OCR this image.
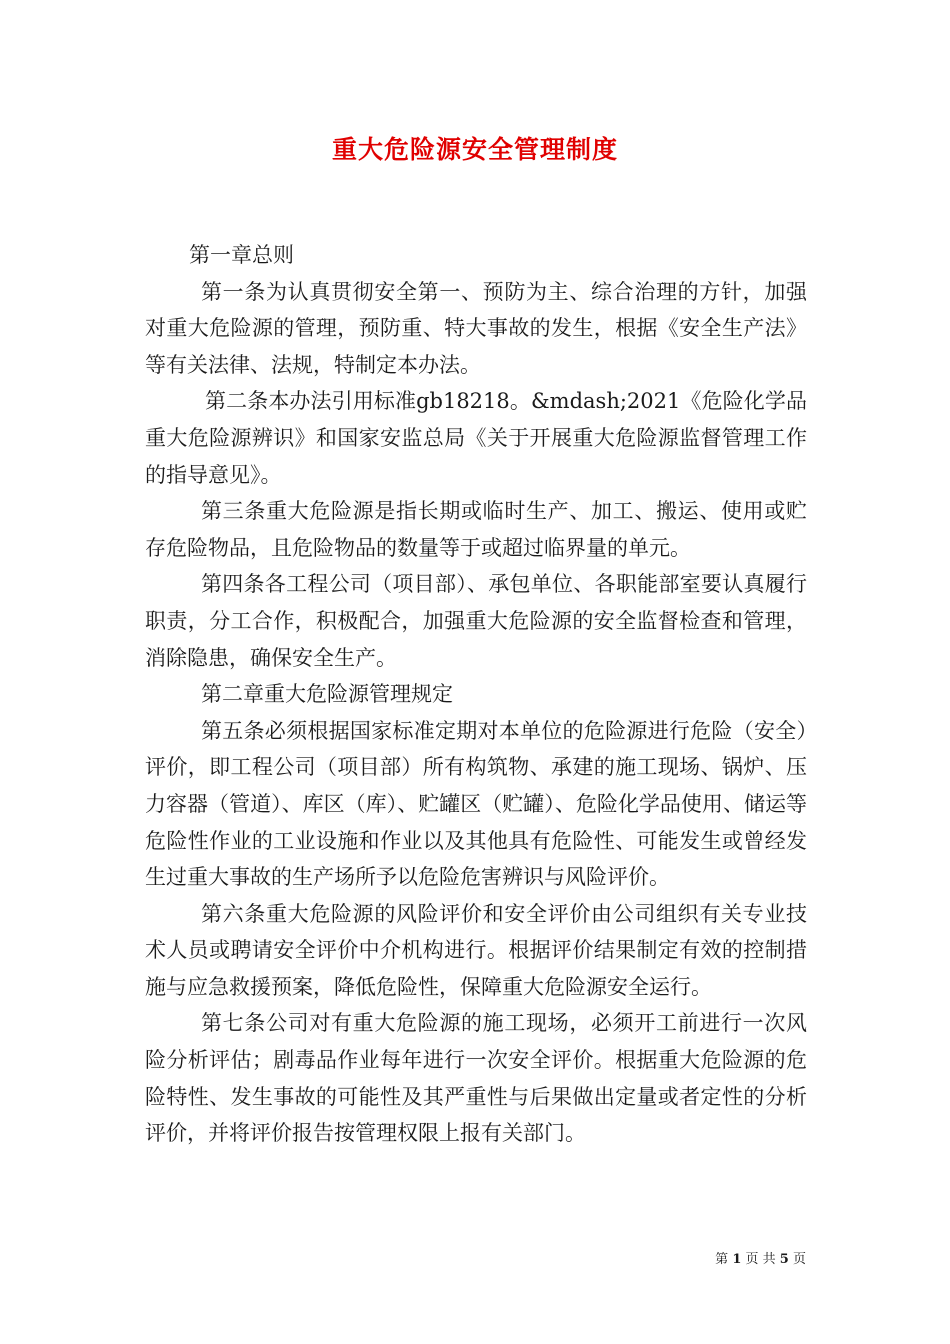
重大危险源安全管理制度

第一章总则

第一条为认真贯彻安全第一、预防为主、综合治理的方针，加强对重大危险源的管理，预防重、特大事故的发生，根据《安全生产法》等有关法律、法规，特制定本办法。

第二条本办法引用标准gb18218。&mdash;2021《危险化学品重大危险源辨识》和国家安监总局《关于开展重大危险源监督管理工作的指导意见》。

第三条重大危险源是指长期或临时生产、加工、搬运、使用或贮存危险物品，且危险物品的数量等于或超过临界量的单元。

第四条各工程公司（项目部）、承包单位、各职能部室要认真履行职责，分工合作，积极配合，加强重大危险源的安全监督检查和管理，消除隐患，确保安全生产。

第二章重大危险源管理规定

第五条必须根据国家标准定期对本单位的危险源进行危险（安全）评价，即工程公司（项目部）所有构筑物、承建的施工现场、锅炉、压力容器（管道）、库区（库）、贮罐区（贮罐）、危险化学品使用、储运等危险性作业的工业设施和作业以及其他具有危险性、可能发生或曾经发生过重大事故的生产场所予以危险危害辨识与风险评价。

第六条重大危险源的风险评价和安全评价由公司组织有关专业技术人员或聘请安全评价中介机构进行。根据评价结果制定有效的控制措施与应急救援预案，降低危险性，保障重大危险源安全运行。

第七条公司对有重大危险源的施工现场，必须开工前进行一次风险分析评估；剧毒品作业每年进行一次安全评价。根据重大危险源的危险特性、发生事故的可能性及其严重性与后果做出定量或者定性的分析评价，并将评价报告按管理权限上报有关部门。

第 1 页 共 5 页
